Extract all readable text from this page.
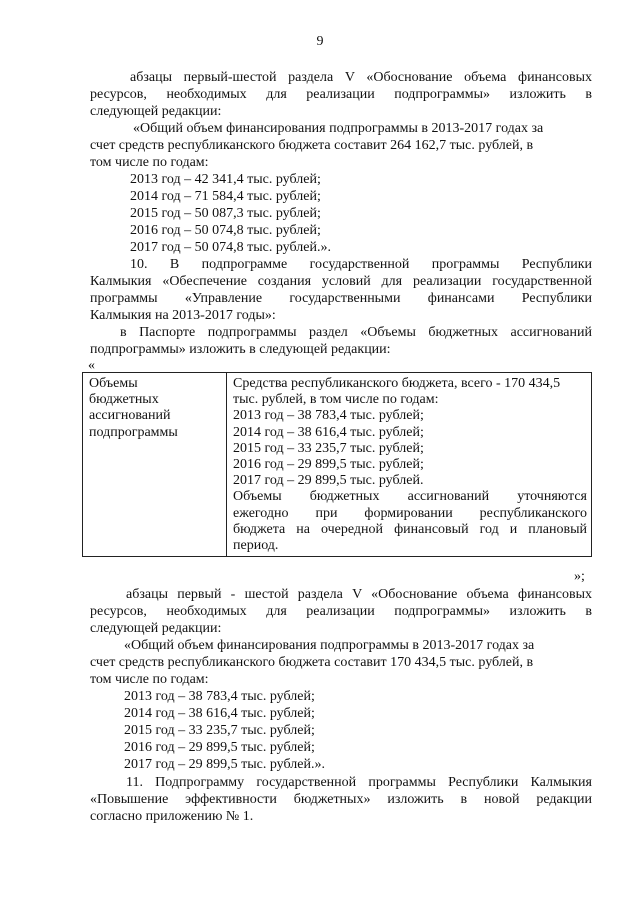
9
абзацы первый-шестой раздела V «Обоснование объема финансовых
ресурсов, необходимых для реализации подпрограммы» изложить в
следующей редакции:
«Общий объем финансирования подпрограммы в 2013-2017 годах за
счет средств республиканского бюджета составит 264 162,7 тыс. рублей, в
том числе по годам:
2013 год – 42 341,4 тыс. рублей;
2014 год – 71 584,4 тыс. рублей;
2015 год – 50 087,3 тыс. рублей;
2016 год – 50 074,8 тыс. рублей;
2017 год – 50 074,8 тыс. рублей.».
10. В подпрограмме государственной программы Республики
Калмыкия «Обеспечение создания условий для реализации государственной
программы «Управление государственными финансами Республики
Калмыкия на 2013-2017 годы»:
в Паспорте подпрограммы раздел «Объемы бюджетных ассигнований
подпрограммы» изложить в следующей редакции:
«
Объемы
бюджетных
ассигнований
подпрограммы

Средства республиканского бюджета, всего - 170 434,5
тыс. рублей, в том числе по годам:
2013 год – 38 783,4 тыс. рублей;
2014 год – 38 616,4 тыс. рублей;
2015 год – 33 235,7 тыс. рублей;
2016 год – 29 899,5 тыс. рублей;
2017 год – 29 899,5 тыс. рублей.
Объемы бюджетных ассигнований уточняются
ежегодно при формировании республиканского
бюджета на очередной финансовый год и плановый
период.
»;
абзацы первый - шестой раздела V «Обоснование объема финансовых
ресурсов, необходимых для реализации подпрограммы» изложить в
следующей редакции:
«Общий объем финансирования подпрограммы в 2013-2017 годах за
счет средств республиканского бюджета составит 170 434,5 тыс. рублей, в
том числе по годам:
2013 год – 38 783,4 тыс. рублей;
2014 год – 38 616,4 тыс. рублей;
2015 год – 33 235,7 тыс. рублей;
2016 год – 29 899,5 тыс. рублей;
2017 год – 29 899,5 тыс. рублей.».
11. Подпрограмму государственной программы Республики Калмыкия
«Повышение эффективности бюджетных» изложить в новой редакции
согласно приложению № 1.
